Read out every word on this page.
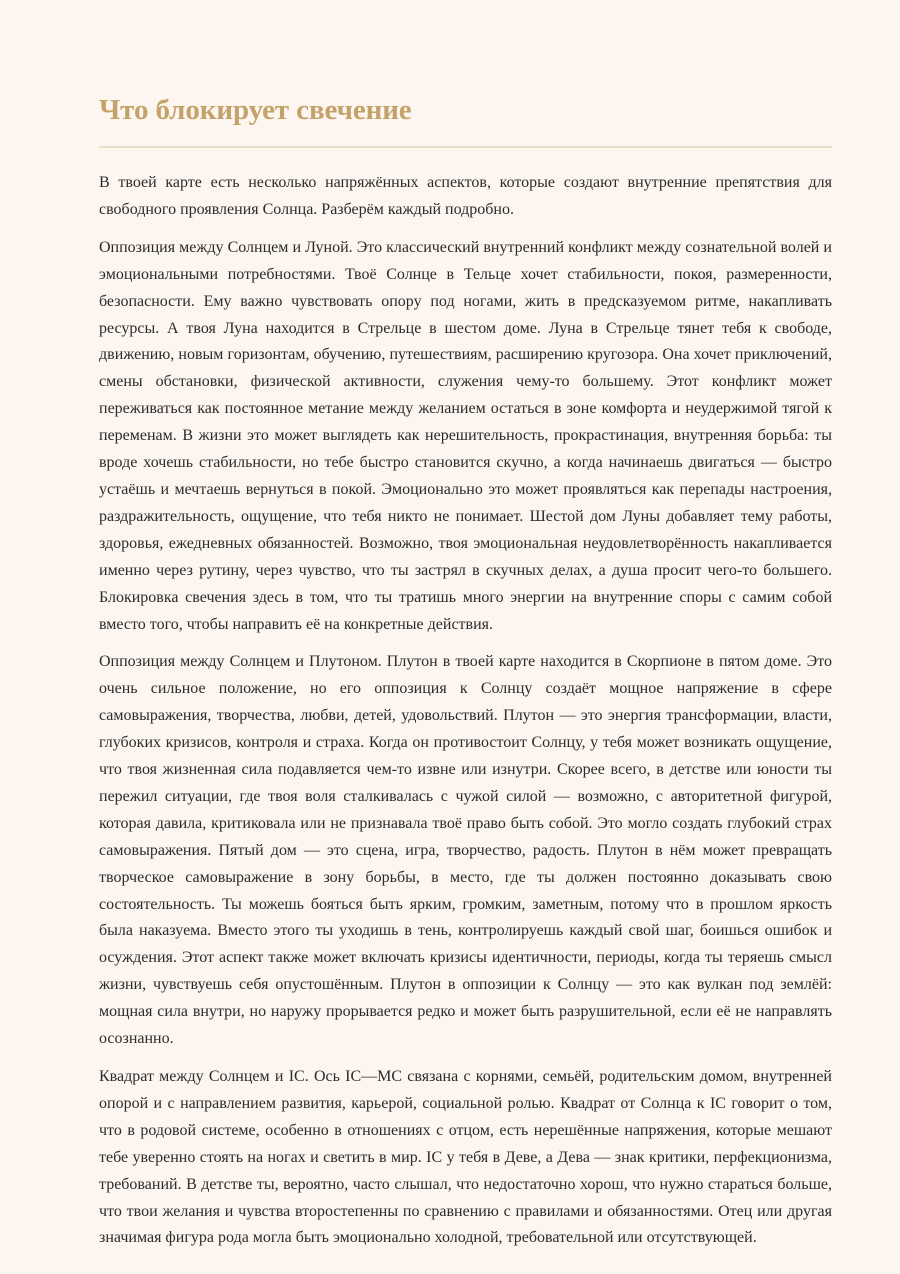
Что блокирует свечение

В твоей карте есть несколько напряжённых аспектов, которые создают внутренние препятствия для свободного проявления Солнца. Разберём каждый подробно.

Оппозиция между Солнцем и Луной. Это классический внутренний конфликт между сознательной волей и эмоциональными потребностями. Твоё Солнце в Тельце хочет стабильности, покоя, размеренности, безопасности. Ему важно чувствовать опору под ногами, жить в предсказуемом ритме, накапливать ресурсы. А твоя Луна находится в Стрельце в шестом доме. Луна в Стрельце тянет тебя к свободе, движению, новым горизонтам, обучению, путешествиям, расширению кругозора. Она хочет приключений, смены обстановки, физической активности, служения чему-то большему. Этот конфликт может переживаться как постоянное метание между желанием остаться в зоне комфорта и неудержимой тягой к переменам. В жизни это может выглядеть как нерешительность, прокрастинация, внутренняя борьба: ты вроде хочешь стабильности, но тебе быстро становится скучно, а когда начинаешь двигаться — быстро устаёшь и мечтаешь вернуться в покой. Эмоционально это может проявляться как перепады настроения, раздражительность, ощущение, что тебя никто не понимает. Шестой дом Луны добавляет тему работы, здоровья, ежедневных обязанностей. Возможно, твоя эмоциональная неудовлетворённость накапливается именно через рутину, через чувство, что ты застрял в скучных делах, а душа просит чего-то большего. Блокировка свечения здесь в том, что ты тратишь много энергии на внутренние споры с самим собой вместо того, чтобы направить её на конкретные действия.

Оппозиция между Солнцем и Плутоном. Плутон в твоей карте находится в Скорпионе в пятом доме. Это очень сильное положение, но его оппозиция к Солнцу создаёт мощное напряжение в сфере самовыражения, творчества, любви, детей, удовольствий. Плутон — это энергия трансформации, власти, глубоких кризисов, контроля и страха. Когда он противостоит Солнцу, у тебя может возникать ощущение, что твоя жизненная сила подавляется чем-то извне или изнутри. Скорее всего, в детстве или юности ты пережил ситуации, где твоя воля сталкивалась с чужой силой — возможно, с авторитетной фигурой, которая давила, критиковала или не признавала твоё право быть собой. Это могло создать глубокий страх самовыражения. Пятый дом — это сцена, игра, творчество, радость. Плутон в нём может превращать творческое самовыражение в зону борьбы, в место, где ты должен постоянно доказывать свою состоятельность. Ты можешь бояться быть ярким, громким, заметным, потому что в прошлом яркость была наказуема. Вместо этого ты уходишь в тень, контролируешь каждый свой шаг, боишься ошибок и осуждения. Этот аспект также может включать кризисы идентичности, периоды, когда ты теряешь смысл жизни, чувствуешь себя опустошённым. Плутон в оппозиции к Солнцу — это как вулкан под землёй: мощная сила внутри, но наружу прорывается редко и может быть разрушительной, если её не направлять осознанно.

Квадрат между Солнцем и IC. Ось IC—MC связана с корнями, семьёй, родительским домом, внутренней опорой и с направлением развития, карьерой, социальной ролью. Квадрат от Солнца к IC говорит о том, что в родовой системе, особенно в отношениях с отцом, есть нерешённые напряжения, которые мешают тебе уверенно стоять на ногах и светить в мир. IC у тебя в Деве, а Дева — знак критики, перфекционизма, требований. В детстве ты, вероятно, часто слышал, что недостаточно хорош, что нужно стараться больше, что твои желания и чувства второстепенны по сравнению с правилами и обязанностями. Отец или другая значимая фигура рода могла быть эмоционально холодной, требовательной или отсутствующей.
